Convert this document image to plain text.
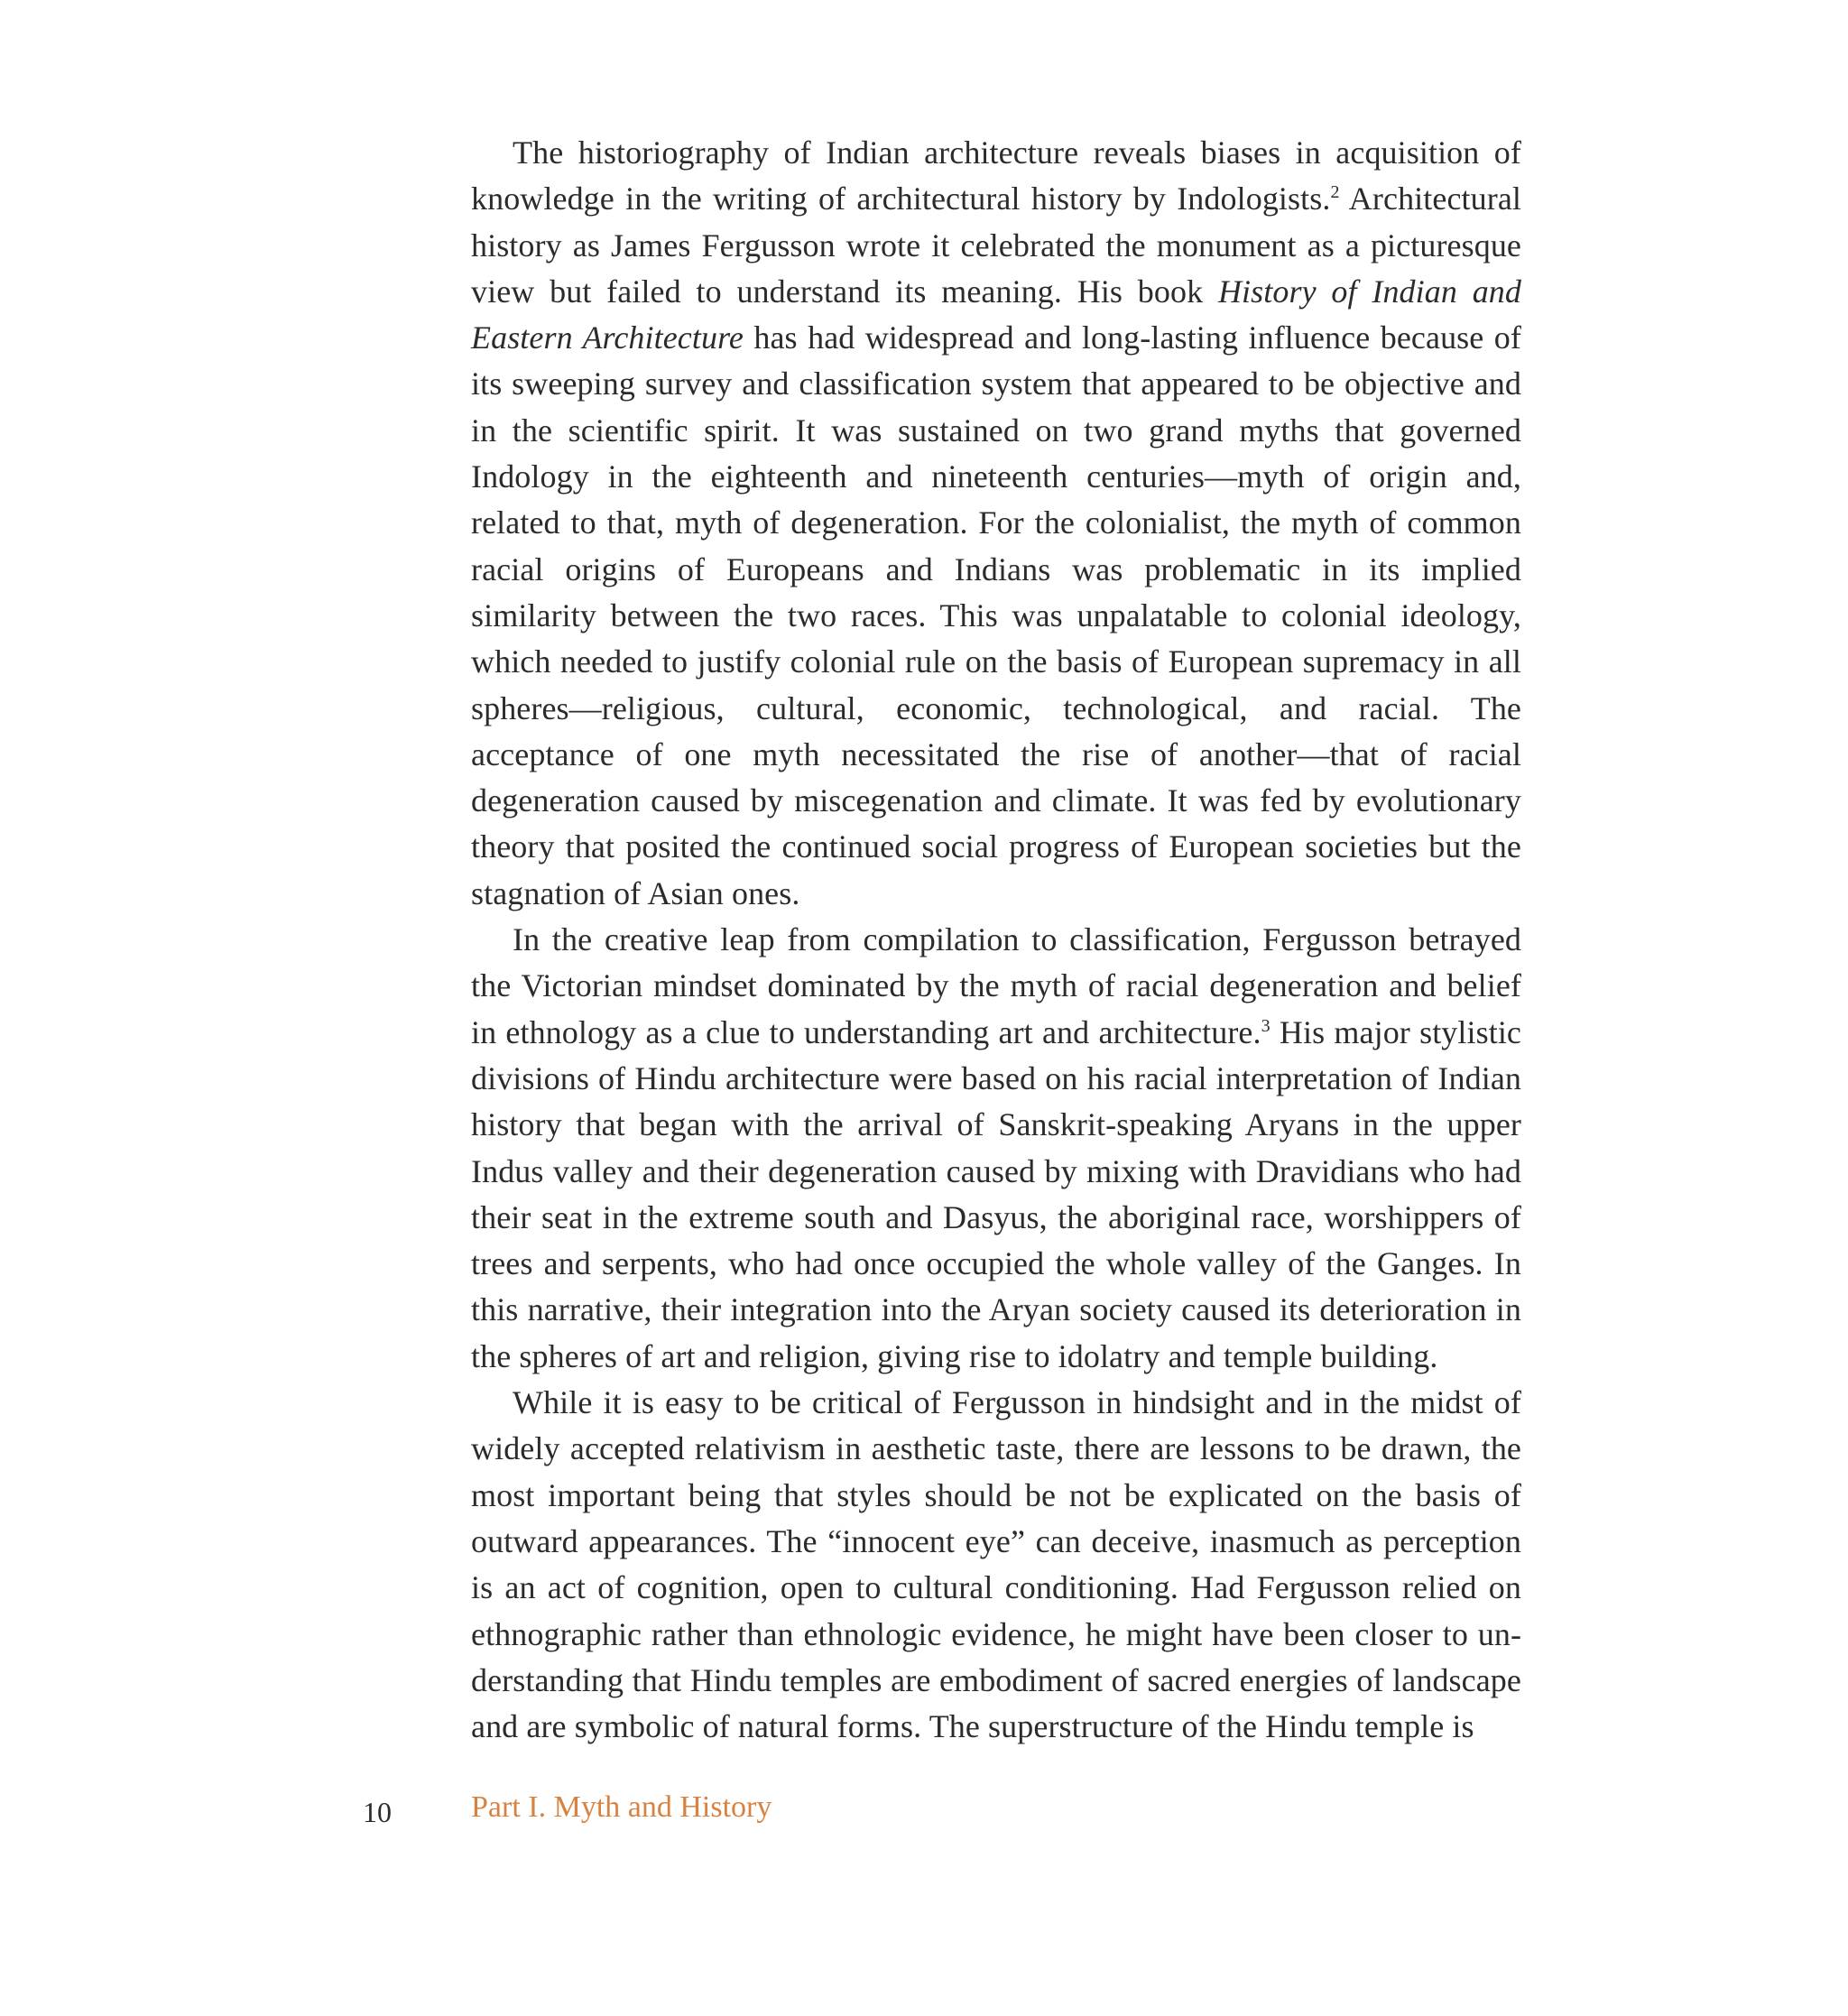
The historiography of Indian architecture reveals biases in acquisition of knowledge in the writing of architectural history by Indologists.$^2$ Architectural history as James Fergusson wrote it celebrated the monument as a picturesque view but failed to understand its meaning. His book History of Indian and Eastern Architecture has had widespread and long-lasting influence because of its sweeping survey and classification system that appeared to be objective and in the scientific spirit. It was sustained on two grand myths that governed Indology in the eighteenth and nineteenth centuries—myth of origin and, related to that, myth of degeneration. For the colonialist, the myth of common racial origins of Europeans and Indians was problematic in its implied similarity between the two races. This was unpalatable to colonial ideology, which needed to justify colonial rule on the basis of European supremacy in all spheres—religious, cultural, economic, technological, and racial. The acceptance of one myth necessitated the rise of another—that of racial degeneration caused by miscegenation and climate. It was fed by evolutionary theory that posited the continued social progress of European societies but the stagnation of Asian ones.

In the creative leap from compilation to classification, Fergusson betrayed the Victorian mindset dominated by the myth of racial degeneration and belief in ethnology as a clue to understanding art and architecture.$^3$ His major stylistic divisions of Hindu architecture were based on his racial interpretation of Indian history that began with the arrival of Sanskrit-speaking Aryans in the upper Indus valley and their degeneration caused by mixing with Dravidians who had their seat in the extreme south and Dasyus, the aboriginal race, worshippers of trees and serpents, who had once occupied the whole valley of the Ganges. In this narrative, their integration into the Aryan society caused its deterioration in the spheres of art and religion, giving rise to idolatry and temple building.

While it is easy to be critical of Fergusson in hindsight and in the midst of widely accepted relativism in aesthetic taste, there are lessons to be drawn, the most important being that styles should be not be explicated on the basis of outward appearances. The “innocent eye” can deceive, inasmuch as perception is an act of cognition, open to cultural conditioning. Had Fergusson relied on ethnographic rather than ethnologic evidence, he might have been closer to understanding that Hindu temples are embodiment of sacred energies of landscape and are symbolic of natural forms. The superstructure of the Hindu temple is

10	Part I. Myth and History
